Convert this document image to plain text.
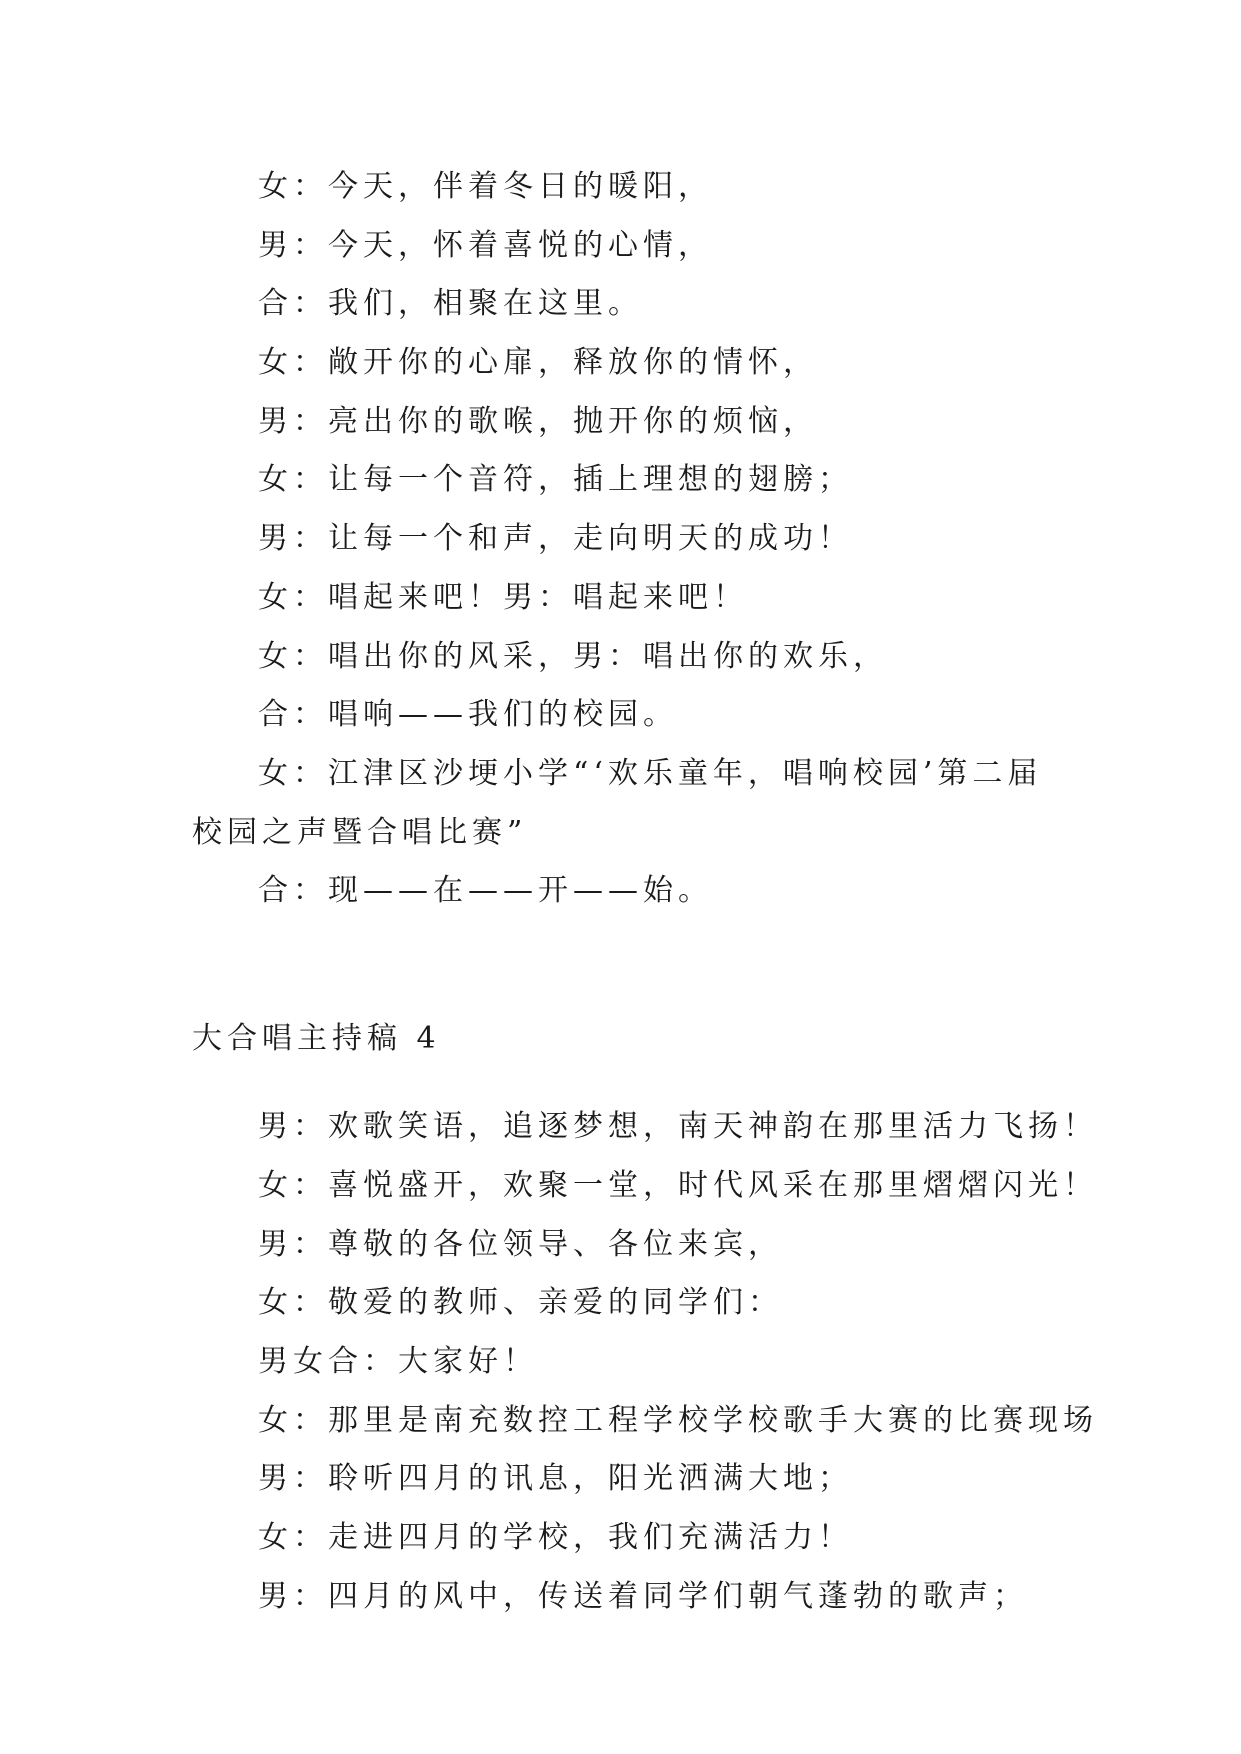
女：今天，伴着冬日的暖阳，

男：今天，怀着喜悦的心情，

合：我们，相聚在这里。

女：敞开你的心扉，释放你的情怀，

男：亮出你的歌喉，抛开你的烦恼，

女：让每一个音符，插上理想的翅膀；

男：让每一个和声，走向明天的成功！

女：唱起来吧！男：唱起来吧！

女：唱出你的风采，男：唱出你的欢乐，

合：唱响——我们的校园。

女：江津区沙埂小学“‘欢乐童年，唱响校园’第二届校园之声暨合唱比赛”

合：现——在——开——始。

大合唱主持稿 4

男：欢歌笑语，追逐梦想，南天神韵在那里活力飞扬！

女：喜悦盛开，欢聚一堂，时代风采在那里熠熠闪光！

男：尊敬的各位领导、各位来宾，

女：敬爱的教师、亲爱的同学们：

男女合：大家好！

女：那里是南充数控工程学校学校歌手大赛的比赛现场

男：聆听四月的讯息，阳光洒满大地；

女：走进四月的学校，我们充满活力！

男：四月的风中，传送着同学们朝气蓬勃的歌声；
